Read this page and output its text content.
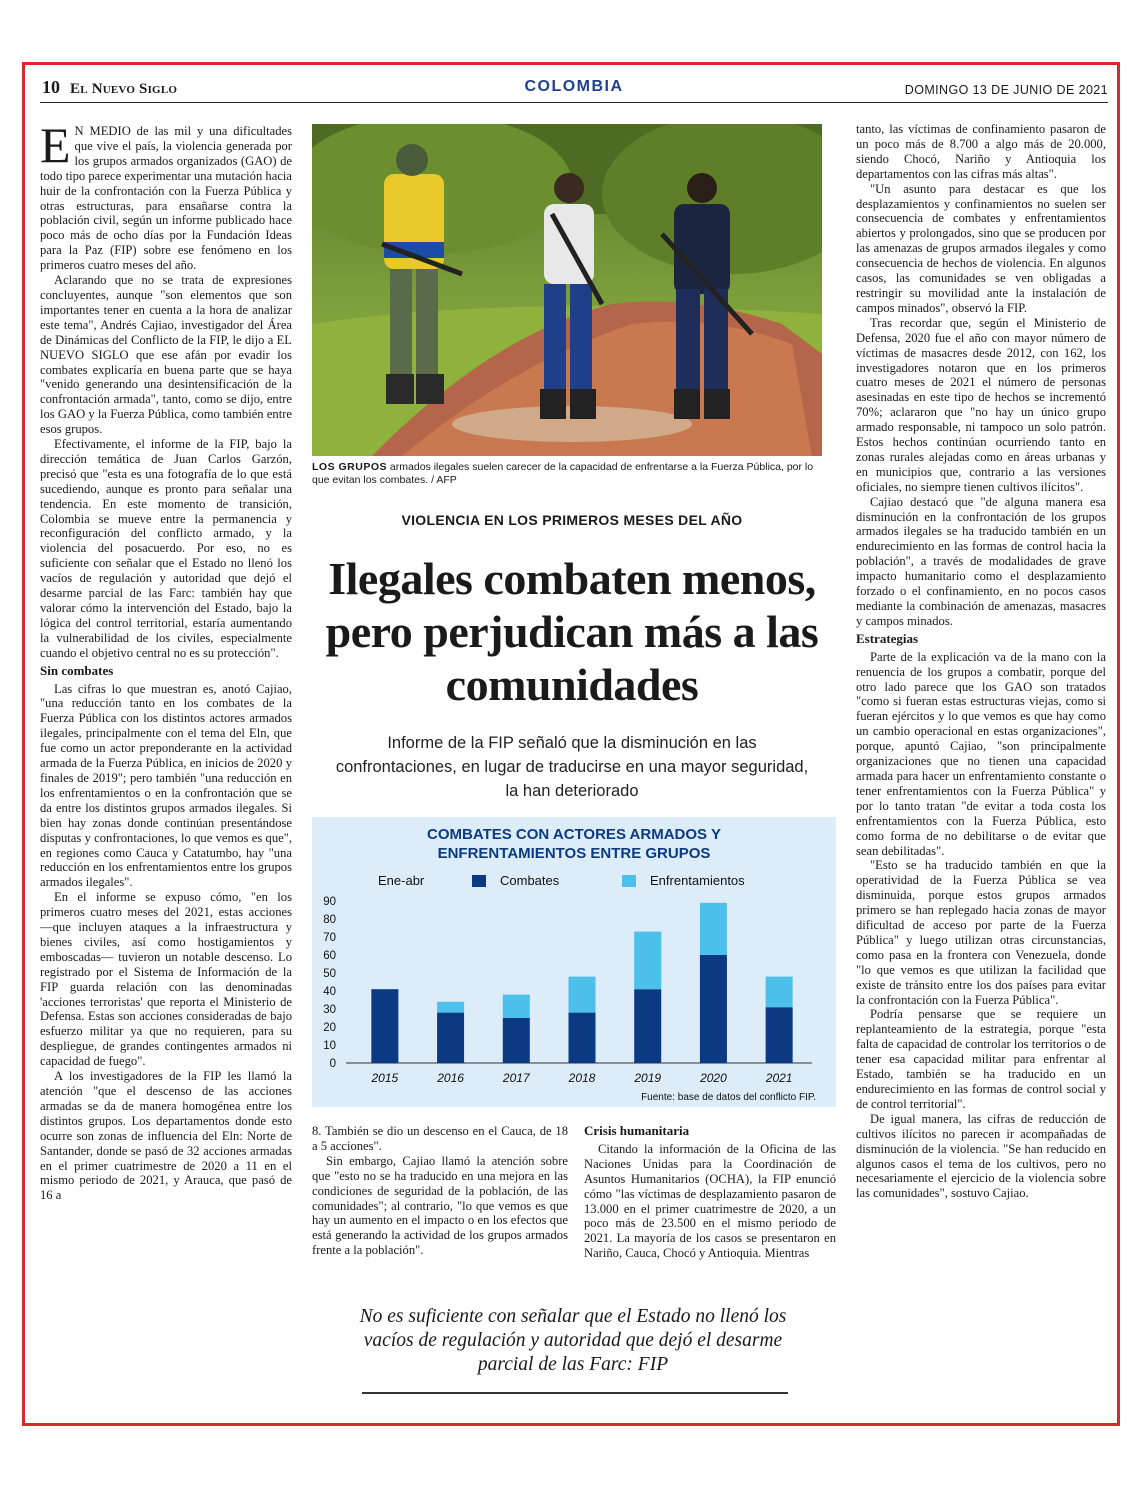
10 El Nuevo Siglo	COLOMBIA	DOMINGO 13 DE JUNIO DE 2021

E N MEDIO de las mil y una dificultades que vive el país, la violencia generada por los grupos armados organizados (GAO) de todo tipo parece experimentar una mutación hacia huir de la confrontación con la Fuerza Pública y otras estructuras, para ensañarse contra la población civil, según un informe publicado hace poco más de ocho días por la Fundación Ideas para la Paz (FIP) sobre ese fenómeno en los primeros cuatro meses del año.

Aclarando que no se trata de expresiones concluyentes, aunque "son elementos que son importantes tener en cuenta a la hora de analizar este tema", Andrés Cajiao, investigador del Área de Dinámicas del Conflicto de la FIP, le dijo a EL NUEVO SIGLO que ese afán por evadir los combates explicaría en buena parte que se haya "venido generando una desintensificación de la confrontación armada", tanto, como se dijo, entre los GAO y la Fuerza Pública, como también entre esos grupos.

Efectivamente, el informe de la FIP, bajo la dirección temática de Juan Carlos Garzón, precisó que "esta es una fotografía de lo que está sucediendo, aunque es pronto para señalar una tendencia. En este momento de transición, Colombia se mueve entre la permanencia y reconfiguración del conflicto armado, y la violencia del posacuerdo. Por eso, no es suficiente con señalar que el Estado no llenó los vacíos de regulación y autoridad que dejó el desarme parcial de las Farc: también hay que valorar cómo la intervención del Estado, bajo la lógica del control territorial, estaría aumentando la vulnerabilidad de los civiles, especialmente cuando el objetivo central no es su protección".

Sin combates

Las cifras lo que muestran es, anotó Cajiao, "una reducción tanto en los combates de la Fuerza Pública con los distintos actores armados ilegales, principalmente con el tema del Eln, que fue como un actor preponderante en la actividad armada de la Fuerza Pública, en inicios de 2020 y finales de 2019"; pero también "una reducción en los enfrentamientos o en la confrontación que se da entre los distintos grupos armados ilegales. Si bien hay zonas donde continúan presentándose disputas y confrontaciones, lo que vemos es que", en regiones como Cauca y Catatumbo, hay "una reducción en los enfrentamientos entre los grupos armados ilegales".

En el informe se expuso cómo, "en los primeros cuatro meses del 2021, estas acciones —que incluyen ataques a la infraestructura y bienes civiles, así como hostigamientos y emboscadas— tuvieron un notable descenso. Lo registrado por el Sistema de Información de la FIP guarda relación con las denominadas 'acciones terroristas' que reporta el Ministerio de Defensa. Estas son acciones consideradas de bajo esfuerzo militar ya que no requieren, para su despliegue, de grandes contingentes armados ni capacidad de fuego".

A los investigadores de la FIP les llamó la atención "que el descenso de las acciones armadas se da de manera homogénea entre los distintos grupos. Los departamentos donde esto ocurre son zonas de influencia del Eln: Norte de Santander, donde se pasó de 32 acciones armadas en el primer cuatrimestre de 2020 a 11 en el mismo periodo de 2021, y Arauca, que pasó de 16 a

LOS GRUPOS armados ilegales suelen carecer de la capacidad de enfrentarse a la Fuerza Pública, por lo que evitan los combates. / AFP
VIOLENCIA EN LOS PRIMEROS MESES DEL AÑO
Ilegales combaten menos, pero perjudican más a las comunidades
Informe de la FIP señaló que la disminución en las confrontaciones, en lugar de traducirse en una mayor seguridad, la han deteriorado
COMBATES CON ACTORES ARMADOS Y
ENFRENTAMIENTOS ENTRE GRUPOS
Ene-abr	Combates	Enfrentamientos
0
10
20
30
40
50
60
70
80
90
2015	2016	2017	2018	2019	2020	2021
Fuente: base de datos del conflicto FIP.

8. También se dio un descenso en el Cauca, de 18 a 5 acciones".

Sin embargo, Cajiao llamó la atención sobre que "esto no se ha traducido en una mejora en las condiciones de seguridad de la población, de las comunidades"; al contrario, "lo que vemos es que hay un aumento en el impacto o en los efectos que está generando la actividad de los grupos armados frente a la población".

Crisis humanitaria

Citando la información de la Oficina de las Naciones Unidas para la Coordinación de Asuntos Humanitarios (OCHA), la FIP enunció cómo "las víctimas de desplazamiento pasaron de 13.000 en el primer cuatrimestre de 2020, a un poco más de 23.500 en el mismo periodo de 2021. La mayoría de los casos se presentaron en Nariño, Cauca, Chocó y Antioquia. Mientras

No es suficiente con señalar que el Estado no llenó los vacíos de regulación y autoridad que dejó el desarme parcial de las Farc: FIP

tanto, las víctimas de confinamiento pasaron de un poco más de 8.700 a algo más de 20.000, siendo Chocó, Nariño y Antioquia los departamentos con las cifras más altas".

"Un asunto para destacar es que los desplazamientos y confinamientos no suelen ser consecuencia de combates y enfrentamientos abiertos y prolongados, sino que se producen por las amenazas de grupos armados ilegales y como consecuencia de hechos de violencia. En algunos casos, las comunidades se ven obligadas a restringir su movilidad ante la instalación de campos minados", observó la FIP.

Tras recordar que, según el Ministerio de Defensa, 2020 fue el año con mayor número de víctimas de masacres desde 2012, con 162, los investigadores notaron que en los primeros cuatro meses de 2021 el número de personas asesinadas en este tipo de hechos se incrementó 70%; aclararon que "no hay un único grupo armado responsable, ni tampoco un solo patrón. Estos hechos continúan ocurriendo tanto en zonas rurales alejadas como en áreas urbanas y en municipios que, contrario a las versiones oficiales, no siempre tienen cultivos ilícitos".

Cajiao destacó que "de alguna manera esa disminución en la confrontación de los grupos armados ilegales se ha traducido también en un endurecimiento en las formas de control hacia la población", a través de modalidades de grave impacto humanitario como el desplazamiento forzado o el confinamiento, en no pocos casos mediante la combinación de amenazas, masacres y campos minados.

Estrategias

Parte de la explicación va de la mano con la renuencia de los grupos a combatir, porque del otro lado parece que los GAO son tratados "como si fueran estas estructuras viejas, como si fueran ejércitos y lo que vemos es que hay como un cambio operacional en estas organizaciones", porque, apuntó Cajiao, "son principalmente organizaciones que no tienen una capacidad armada para hacer un enfrentamiento constante o tener enfrentamientos con la Fuerza Pública" y por lo tanto tratan "de evitar a toda costa los enfrentamientos con la Fuerza Pública, esto como forma de no debilitarse o de evitar que sean debilitadas".

"Esto se ha traducido también en que la operatividad de la Fuerza Pública se vea disminuida, porque estos grupos armados primero se han replegado hacia zonas de mayor dificultad de acceso por parte de la Fuerza Pública" y luego utilizan otras circunstancias, como pasa en la frontera con Venezuela, donde "lo que vemos es que utilizan la facilidad que existe de tránsito entre los dos países para evitar la confrontación con la Fuerza Pública".

Podría pensarse que se requiere un replanteamiento de la estrategia, porque "esta falta de capacidad de controlar los territorios o de tener esa capacidad militar para enfrentar al Estado, también se ha traducido en un endurecimiento en las formas de control social y de control territorial".

De igual manera, las cifras de reducción de cultivos ilícitos no parecen ir acompañadas de disminución de la violencia. "Se han reducido en algunos casos el tema de los cultivos, pero no necesariamente el ejercicio de la violencia sobre las comunidades", sostuvo Cajiao.
